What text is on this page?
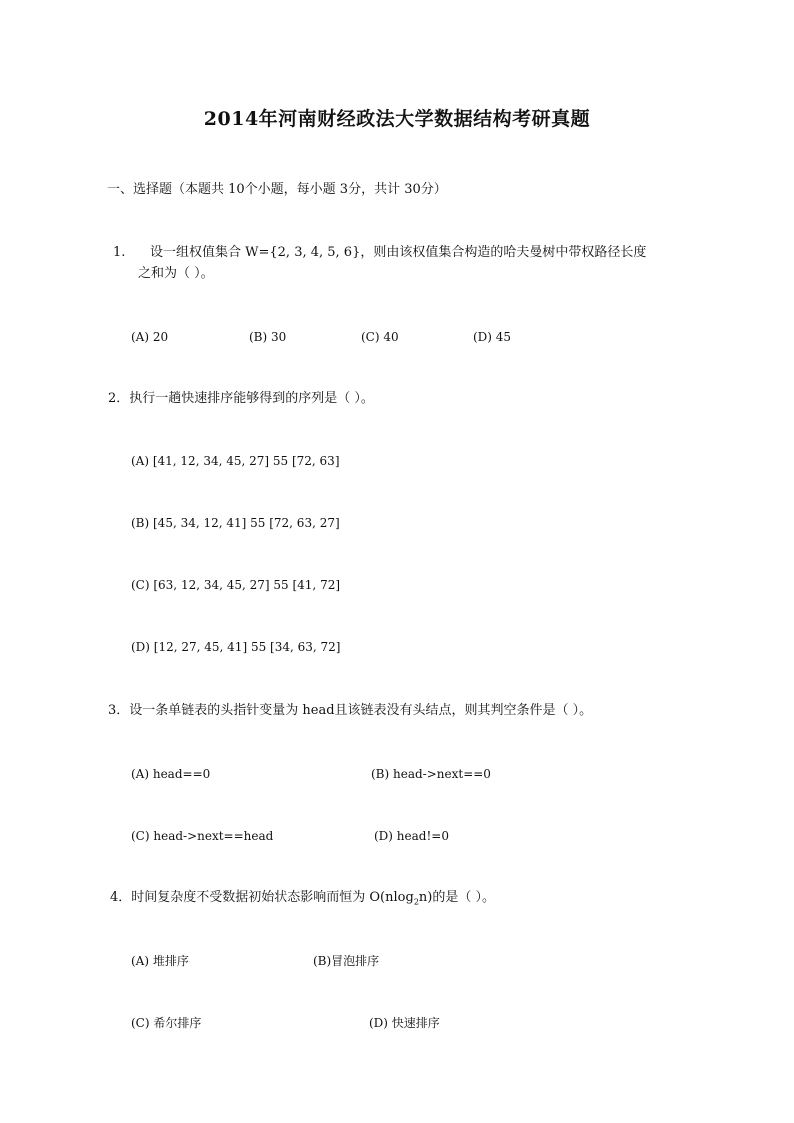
2014年河南财经政法大学数据结构考研真题
一、选择题（本题共 10个小题，每小题 3分，共计 30分）
1. 设一组权值集合 W={2, 3, 4, 5, 6}，则由该权值集合构造的哈夫曼树中带权路径长度
之和为（ ）。
(A) 20	(B) 30	(C) 40	(D) 45
2．执行一趟快速排序能够得到的序列是（ ）。
(A) [41, 12, 34, 45, 27] 55 [72, 63]
(B) [45, 34, 12, 41] 55 [72, 63, 27]
(C) [63, 12, 34, 45, 27] 55 [41, 72]
(D) [12, 27, 45, 41] 55 [34, 63, 72]
3．设一条单链表的头指针变量为 head且该链表没有头结点，则其判空条件是（ ）。
(A) head==0	(B) head->next==0
(C) head->next==head	(D) head!=0
4．时间复杂度不受数据初始状态影响而恒为 O(nlog$_2$n)的是（ ）。
(A) 堆排序	(B)冒泡排序
(C) 希尔排序	(D) 快速排序
